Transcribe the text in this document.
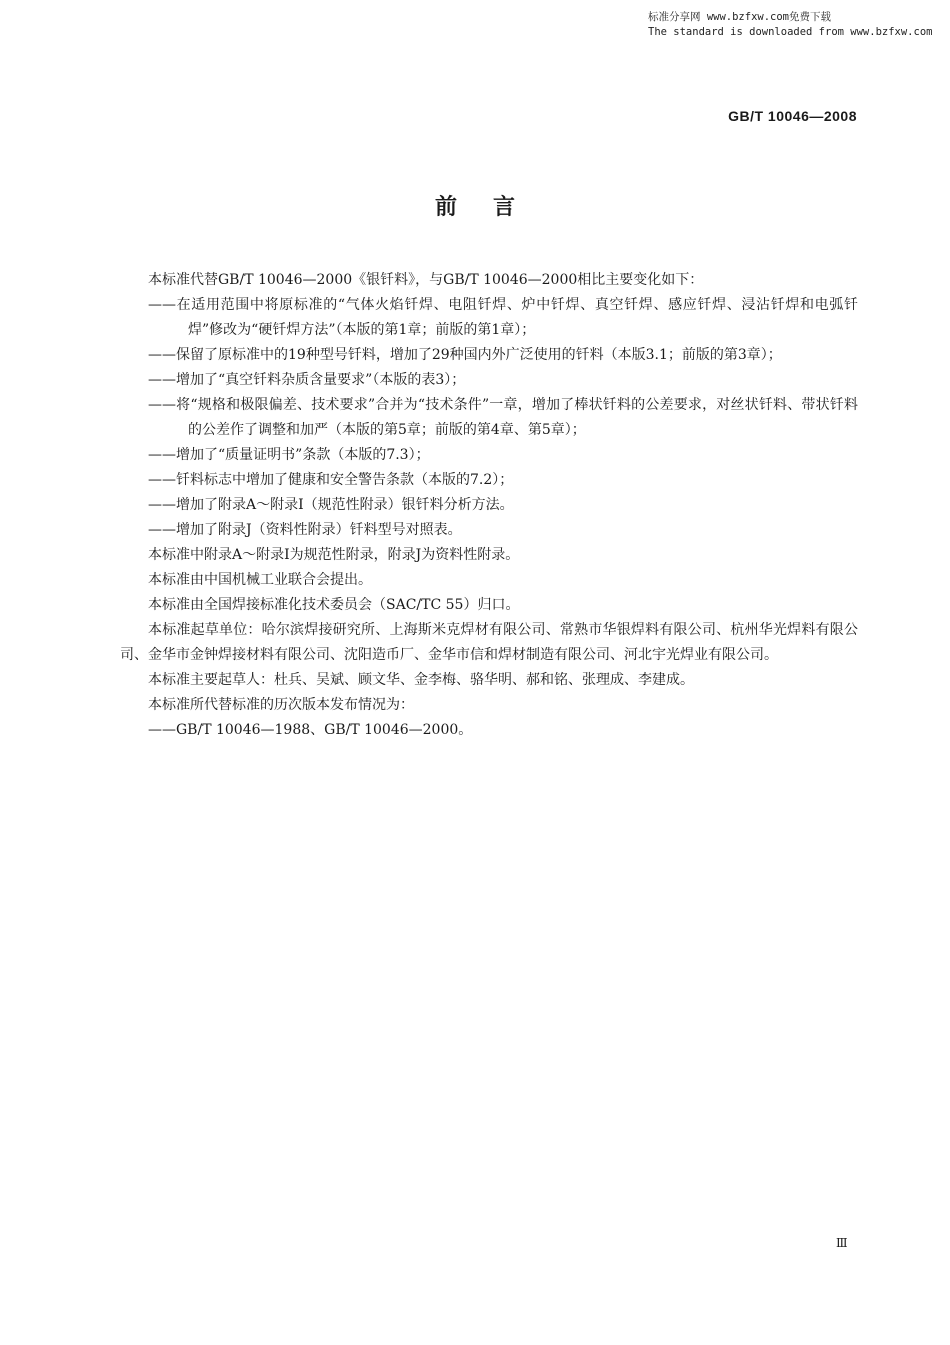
标准分享网 www.bzfxw.com免费下载
The standard is downloaded from www.bzfxw.com
GB/T 10046—2008
前言

本标准代替GB/T 10046—2000《银钎料》，与GB/T 10046—2000相比主要变化如下：

——在适用范围中将原标准的“气体火焰钎焊、电阻钎焊、炉中钎焊、真空钎焊、感应钎焊、浸沾钎焊和电弧钎焊”修改为“硬钎焊方法”（本版的第1章；前版的第1章）；

——保留了原标准中的19种型号钎料，增加了29种国内外广泛使用的钎料（本版3.1；前版的第3章）；

——增加了“真空钎料杂质含量要求”（本版的表3）；

——将“规格和极限偏差、技术要求”合并为“技术条件”一章，增加了棒状钎料的公差要求，对丝状钎料、带状钎料的公差作了调整和加严（本版的第5章；前版的第4章、第5章）；

——增加了“质量证明书”条款（本版的7.3）；

——钎料标志中增加了健康和安全警告条款（本版的7.2）；

——增加了附录A～附录I（规范性附录）银钎料分析方法。

——增加了附录J（资料性附录）钎料型号对照表。

本标准中附录A～附录I为规范性附录，附录J为资料性附录。

本标准由中国机械工业联合会提出。

本标准由全国焊接标准化技术委员会（SAC/TC 55）归口。

本标准起草单位：哈尔滨焊接研究所、上海斯米克焊材有限公司、常熟市华银焊料有限公司、杭州华光焊料有限公司、金华市金钟焊接材料有限公司、沈阳造币厂、金华市信和焊材制造有限公司、河北宇光焊业有限公司。

本标准主要起草人：杜兵、吴斌、顾文华、金李梅、骆华明、郝和铭、张理成、李建成。

本标准所代替标准的历次版本发布情况为：

——GB/T 10046—1988、GB/T 10046—2000。

Ⅲ
